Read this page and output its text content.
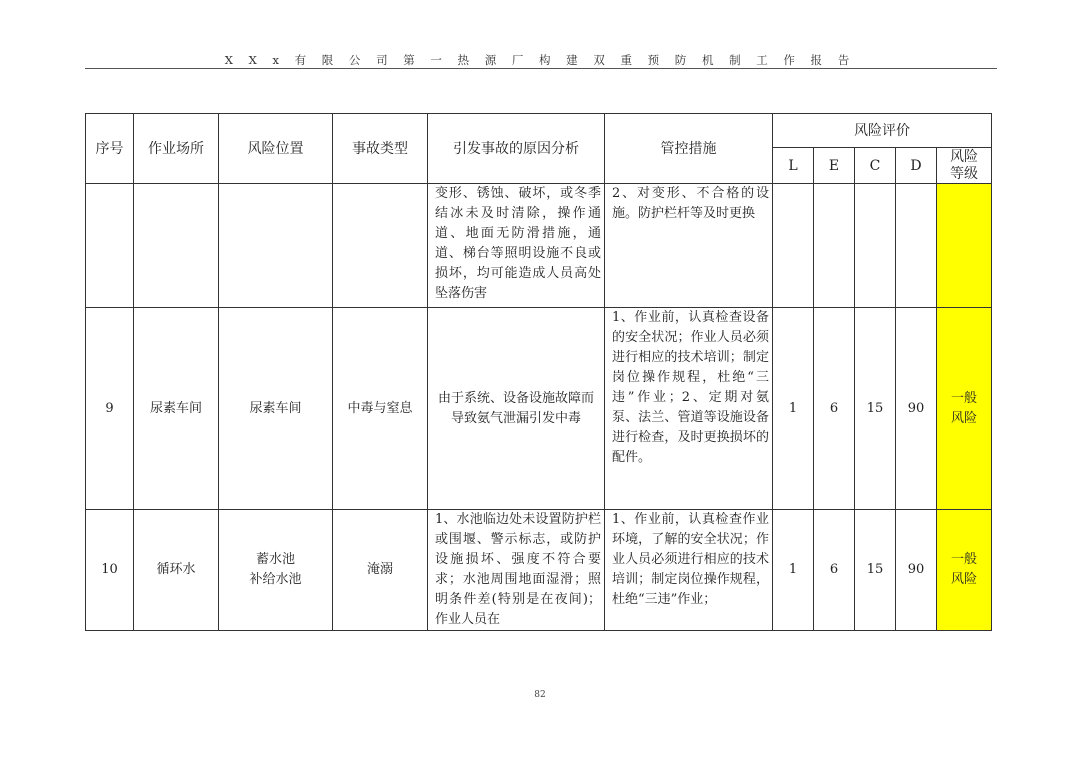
X X x 有 限 公 司 第 一 热 源 厂 构 建 双 重 预 防 机 制 工 作 报 告
序号	作业场所	风险位置	事故类型	引发事故的原因分析	管控措施	风险评价				
						L	E	C	D	风险
等级

				变形、锈蚀、破坏，或冬季结冰未及时清除，操作通道、地面无防滑措施，通道、梯台等照明设施不良或损坏，均可能造成人员高处坠落伤害	2、对变形、不合格的设施。防护栏杆等及时更换					
9	尿素车间	尿素车间	中毒与窒息	由于系统、设备设施故障而导致氨气泄漏引发中毒	1、作业前，认真检查设备的安全状况；作业人员必须进行相应的技术培训；制定岗位操作规程，杜绝“三违”作业；2、定期对氨泵、法兰、管道等设施设备进行检查，及时更换损坏的配件。	1	6	15	90	一般风险
10	循环水	蓄水池
补给水池	淹溺	1、水池临边处未设置防护栏或围堰、警示标志，或防护设施损坏、强度不符合要求；水池周围地面湿滑；照明条件差(特别是在夜间)；作业人员在	1、作业前，认真检查作业环境，了解的安全状况；作业人员必须进行相应的技术培训；制定岗位操作规程，杜绝“三违”作业；	1	6	15	90	一般风险
82
